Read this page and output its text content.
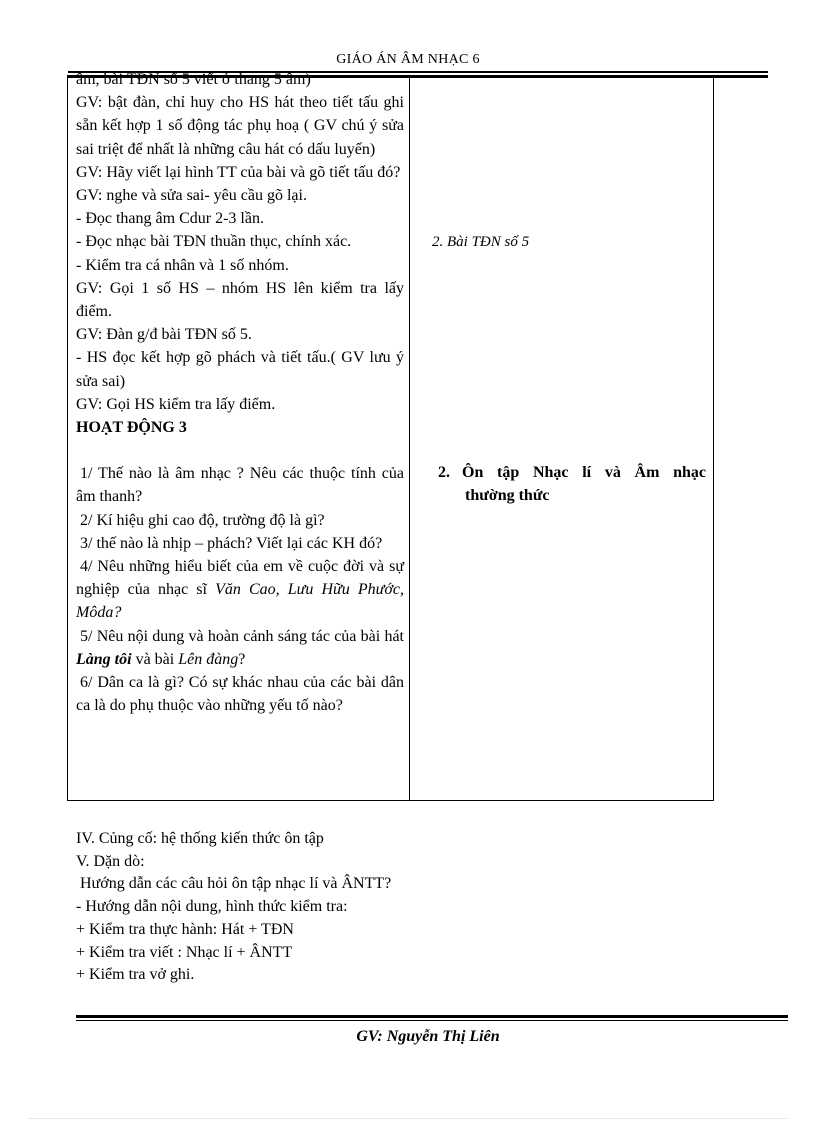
GIÁO ÁN ÂM NHẠC 6

âm, bài TĐN số 5 viết ở thang 5 âm)

GV: bật đàn, chỉ huy cho HS hát theo tiết tấu ghi sẵn kết hợp 1 số động tác phụ hoạ ( GV chú ý sửa sai triệt để nhất là những câu hát có dấu luyến)

GV: Hãy viết lại hình TT của bài và gõ tiết tấu đó?

GV: nghe và sửa sai- yêu cầu gõ lại.

- Đọc thang âm Cdur 2-3 lần.

- Đọc nhạc bài TĐN thuần thục, chính xác.

- Kiểm tra cá nhân và 1 số nhóm.

GV: Gọi 1 số HS – nhóm HS lên kiểm tra lấy điểm.

GV: Đàn g/đ bài TĐN số 5.

- HS đọc kết hợp gõ phách và tiết tấu.( GV lưu ý sửa sai)

GV: Gọi HS kiểm tra lấy điểm.

HOẠT ĐỘNG 3

1/ Thế nào là âm nhạc ? Nêu các thuộc tính của âm thanh?

2/ Kí hiệu ghi cao độ, trường độ là gì?

3/ thế nào là nhịp – phách? Viết lại các KH đó?

4/ Nêu những hiểu biết của em về cuộc đời và sự nghiệp của nhạc sĩ Văn Cao, Lưu Hữu Phước, Môda?

5/ Nêu nội dung và hoàn cảnh sáng tác của bài hát Làng tôi và bài Lên đàng?

6/ Dân ca là gì? Có sự khác nhau của các bài dân ca là do phụ thuộc vào những yếu tố nào?

2. Bài TĐN số 5
2. Ôn tập Nhạc lí và Âm nhạc
thường thức

IV. Củng cố: hệ thống kiến thức ôn tập

V. Dặn dò:

Hướng dẫn các câu hỏi ôn tập nhạc lí và ÂNTT?

- Hướng dẫn nội dung, hình thức kiểm tra:

+ Kiểm tra thực hành: Hát + TĐN

+ Kiểm tra viết : Nhạc lí + ÂNTT

+ Kiểm tra vở ghi.

GV: Nguyễn Thị Liên
